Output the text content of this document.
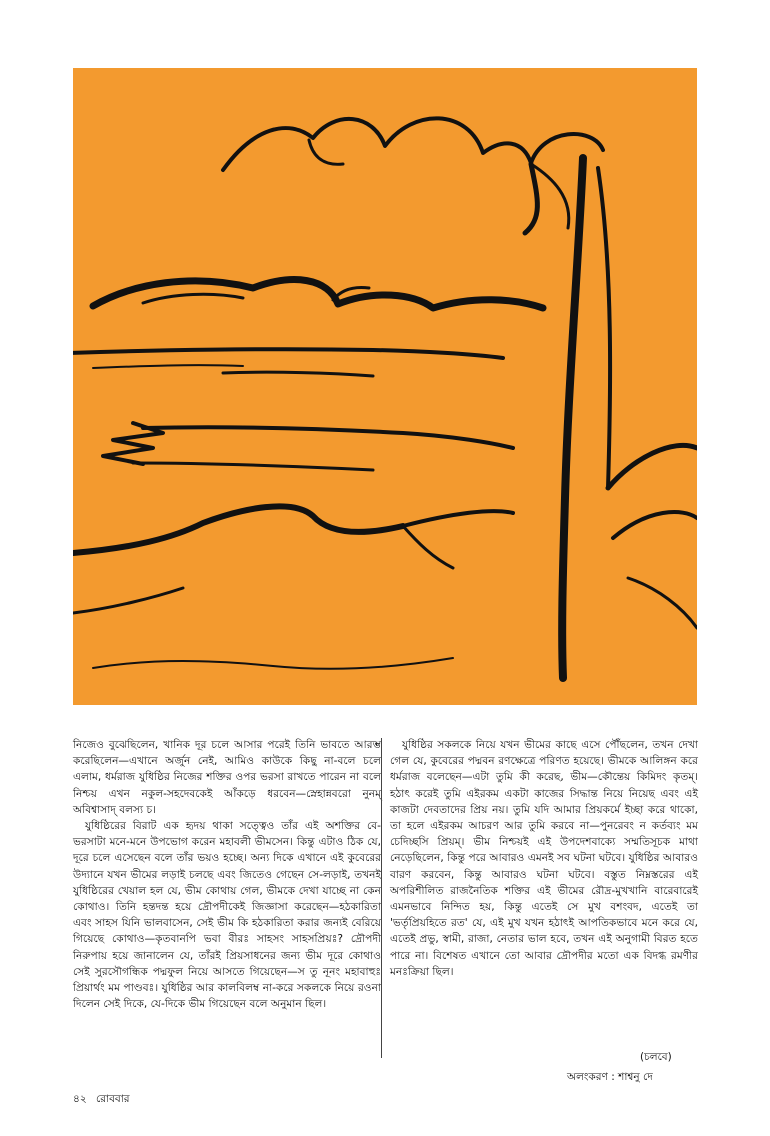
নিজেও বুঝেছিলেন, খানিক দূর চলে আসার পরেই তিনি ভাবতে আরম্ভ করেছিলেন—এখানে অর্জুন নেই, আমিও কাউকে কিছু না-বলে চলে এলাম, ধর্মরাজ যুধিষ্ঠির নিজের শক্তির ওপর ভরসা রাখতে পারেন না বলে নিশ্চয় এখন নকুল-সহদেবকেই আঁকড়ে ধরবেন—স্নেহান্নবরো নুনম্ অবিশ্বাসাদ্ বলস্য চ।

যুধিষ্ঠিরের বিরাট এক হৃদয় থাকা সত্ত্বেও তাঁর এই অশক্তির বে-ভরসাটা মনে-মনে উপভোগ করেন মহাবলী ভীমসেন। কিন্তু এটাও ঠিক যে, দূরে চলে এসেছেন বলে তাঁর ভয়ও হচ্ছে। অন্য দিকে এখানে এই কুবেরের উদ্যানে যখন ভীমের লড়াই চলছে এবং জিতেও গেছেন সে-লড়াই, তখনই যুধিষ্ঠিরের খেয়াল হল যে, ভীম কোথায় গেল, ভীমকে দেখা যাচ্ছে না কেন কোথাও। তিনি হন্তদন্ত হয়ে দ্রৌপদীকেই জিজ্ঞাসা করেছেন—হঠকারিতা এবং সাহস যিনি ভালবাসেন, সেই ভীম কি হঠকারিতা করার জন্যই বেরিয়ে গিয়েছে কোথাও—কৃতবানপি ভবা বীরঃ সাহসং সাহসপ্রিয়ঃ? দ্রৌপদী নিরুপায় হয়ে জানালেন যে, তাঁরই প্রিয়সাধনের জন্য ভীম দূরে কোথাও সেই সুরসৌগন্ধিক পদ্মফুল নিয়ে আসতে গিয়েছেন—স তু নূনং মহাবাহুঃ প্রিয়ার্থং মম পাণ্ডবঃ। যুধিষ্ঠির আর কালবিলম্ব না-করে সকলকে নিয়ে রওনা দিলেন সেই দিকে, যে-দিকে ভীম গিয়েছেন বলে অনুমান ছিল।

যুধিষ্ঠির সকলকে নিয়ে যখন ভীমের কাছে এসে পৌঁছলেন, তখন দেখা গেল যে, কুবেরের পদ্মবন রণক্ষেত্রে পরিণত হয়েছে। ভীমকে আলিঙ্গন করে ধর্মরাজ বলেছেন—এটা তুমি কী করেছ, ভীম—কৌন্তেয় কিমিদং কৃতম্। হঠাৎ করেই তুমি এইরকম একটা কাজের সিদ্ধান্ত নিয়ে নিয়েছ এবং এই কাজটা দেবতাদের প্রিয় নয়। তুমি যদি আমার প্রিয়কর্মে ইচ্ছা করে থাকো, তা হলে এইরকম আচরণ আর তুমি করবে না—পুনরেবং ন কর্তব্যং মম চেদিচ্ছসি প্রিয়ম্। ভীম নিশ্চয়ই এই উপদেশবাক্যে সম্মতিসূচক মাথা নেড়েছিলেন, কিন্তু পরে আবারও এমনই সব ঘটনা ঘটবে। যুধিষ্ঠির আবারও বারণ করবেন, কিন্তু আবারও ঘটনা ঘটবে। বস্তুত নিম্নস্তরের এই অপরিশীলিত রাজনৈতিক শক্তির এই ভীমের রৌদ্র-মুখখানি বারেবারেই এমনভাবে নিন্দিত হয়, কিন্তু এতেই সে মুখ বশংবদ, এতেই তা 'ভর্তৃপ্রিয়হিতে রত' যে, এই মুখ যখন হঠাৎই আপতিকভাবে মনে করে যে, এতেই প্রভু, স্বামী, রাজা, নেতার ভাল হবে, তখন এই অনুগামী বিরত হতে পারে না। বিশেষত এখানে তো আবার দ্রৌপদীর মতো এক বিদগ্ধ রমণীর মনঃক্রিয়া ছিল।

(চলবে)
অলংকরণ : শাশ্বনু দে
৪২ রোববার
